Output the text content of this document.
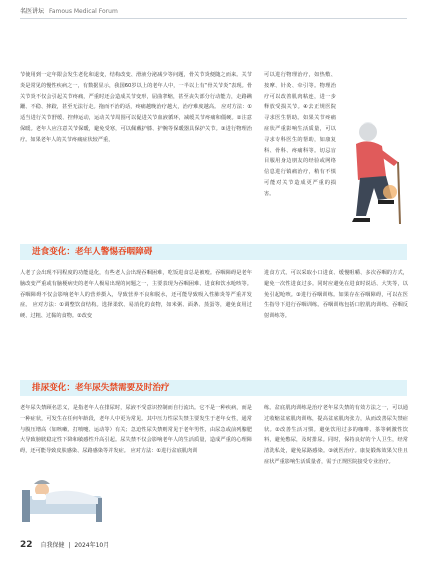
名医讲坛 Famous Medical Forum

节使用到一定年限会发生老化和退变，结构改变、滑液分泌减少等问题，骨关节炎便随之而来。关节炎是常见的慢性疾病之一，有数据显示，我国60岁以上的老年人中，一半以上有“骨关节炎”表现。骨关节炎不仅会引起关节疼痛，严重时还会造成关节变形，屈曲挛缩，甚至丧失部分行动能力，走路蹒跚、不稳、摔跤，甚至无法行走。拖而不治的话，疼痛越晚治疗越大，治疗难度越高。 应对方法：①适当进行关节舒缓、控伸运动，运动关节周围可以促进关节血液循环，减缓关节疼痛和僵硬。②注意保暖。老年人应注意关节保暖，避免受寒，可以佩戴护膝、护腕等保暖器具保护关节。③进行物理治疗。如果老年人的关节疼痛症状较严重，

可以进行物理治疗，如热敷、按摩、针灸、牵引等。物理治疗可以改善肌肉粘连，进一步释放受损关节。④去正规医院寻求医生帮助。如果关节疼痛症状严重影响生活质量，可以寻求专科医生的帮助，如康复科、骨科、疼痛科等。切忌盲目服用身边朋友的经验或网络信息进行镇痛治疗，稍有不慎可能对关节造成更严重的损害。

进食变化：老年人警惕吞咽障碍

人老了会出现不同程度的功能退化，有些老人会出现吞咽困难，吃饭进食总是被噎。吞咽障碍是老年脑改变严重或有脑梗病史的老年人极易出现的问题之一，主要表现为吞咽困难、进食和饮水呛咳等。吞咽障碍不仅会影响老年人的营养摄入，导致营养不良和脱水，还可能导致吸入性肺炎等严重并发症。 应对方法：①调整饮食结构。选择柔软、易消化的食物，如米粥、面条、蒸蛋等，避免食用过硬、过粗、过黏的食物。②改变

进食方式。可以采取小口进食、缓慢咀嚼、多次吞咽的方式，避免一次性进食过多。同时应避免在进食时说话、大笑等，以免引起呛咳。③进行吞咽训练。如果存在吞咽障碍，可以在医生指导下进行吞咽训练。吞咽训练包括口腔肌肉训练、吞咽反射训练等。

排尿变化：老年尿失禁需要及时治疗

老年尿失禁顾名思义，是指老年人在排尿时，尿液不受意识控制而自行流出。它不是一种疾病，而是一种症状，可发生在任何年龄段，老年人中更为常见。其中压力性尿失禁主要发生于老年女性，通常与腹压增高（如咳嗽、打喷嚏、运动等）有关；急迫性尿失禁则常见于老年男性，由尿急或前列腺肥大导致膀胱稳定性下降和敏感性升高引起。尿失禁不仅会影响老年人的生活质量，造成严重的心理障碍，还可能导致皮肤感染、尿路感染等并发症。 应对方法：①进行盆底肌肉训

练。盆底肌肉训练是治疗老年尿失禁的有效方法之一，可以通过收缩盆底肌肉训练，提高盆底肌肉张力，从而改善尿失禁症状。②改善生活习惯。避免饮用过多的咖啡、茶等刺激性饮料，避免憋尿，及时排尿。同时，保持良好的个人卫生，经常清洗私处，避免尿路感染。③就医治疗。康复锻炼效果欠佳且症状严重影响生活质量者，需于正规医院接受专业治疗。

22 自我保健 | 2024年10月
